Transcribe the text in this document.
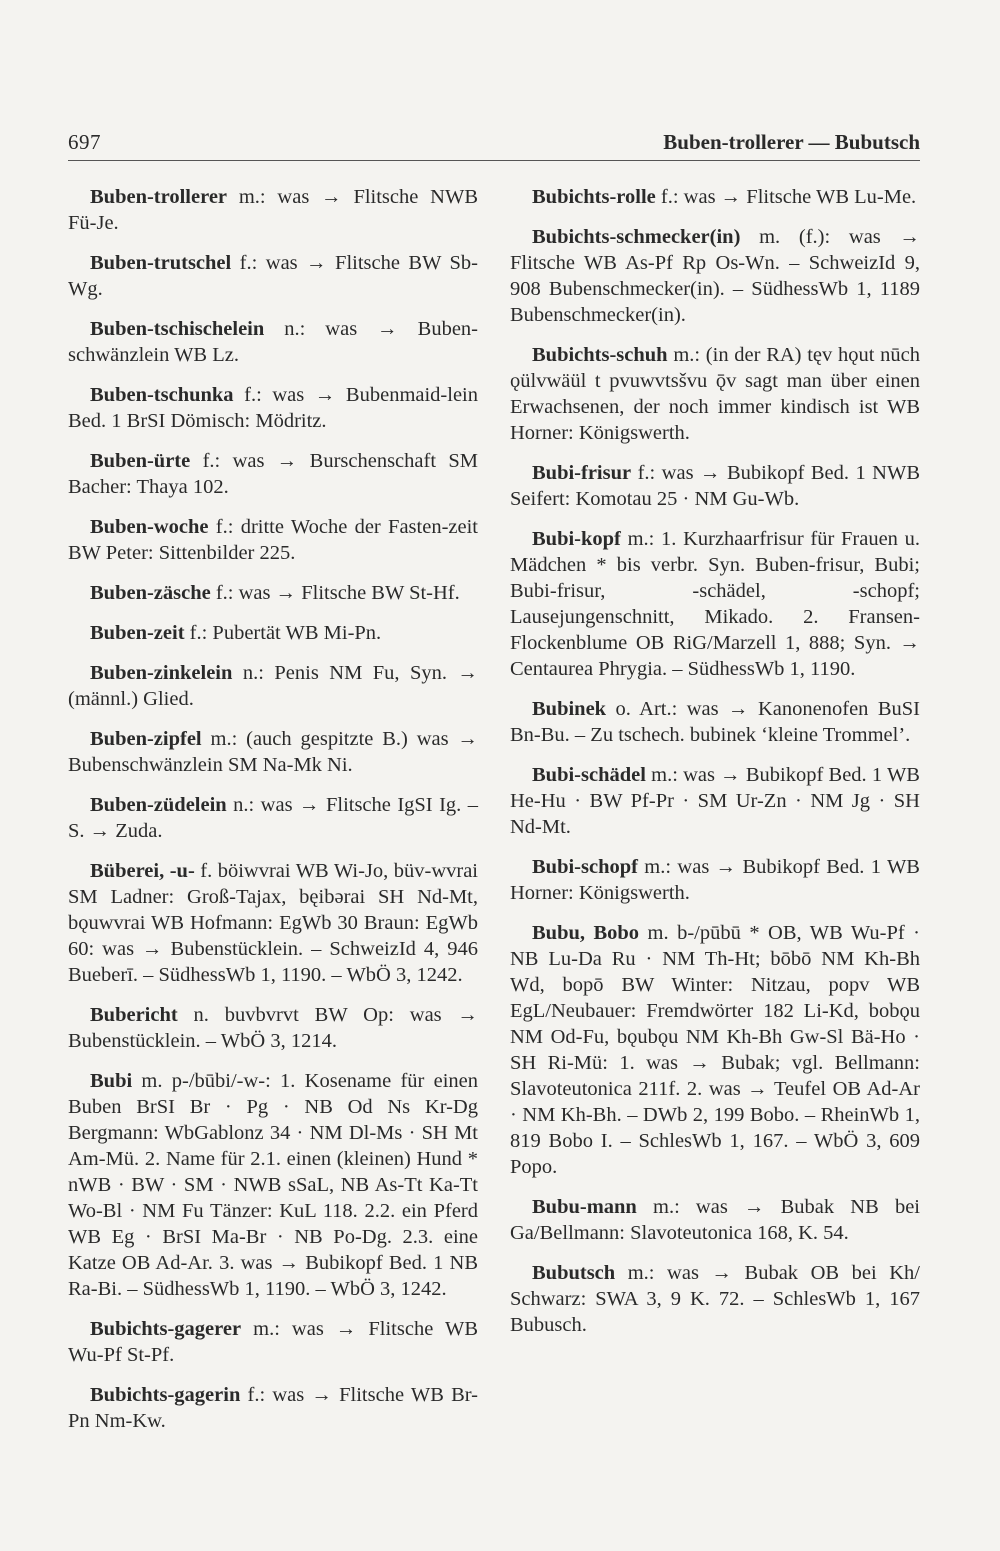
697	Buben-trollerer — Bubutsch

Buben-trollerer m.: was → Flitsche NWB Fü-Je.

Buben-trutschel f.: was → Flitsche BW Sb-Wg.

Buben-tschischelein n.: was → Buben-schwänzlein WB Lz.

Buben-tschunka f.: was → Bubenmaid-lein Bed. 1 BrSI Dömisch: Mödritz.

Buben-ürte f.: was → Burschenschaft SM Bacher: Thaya 102.

Buben-woche f.: dritte Woche der Fasten-zeit BW Peter: Sittenbilder 225.

Buben-zäsche f.: was → Flitsche BW St-Hf.

Buben-zeit f.: Pubertät WB Mi-Pn.

Buben-zinkelein n.: Penis NM Fu, Syn. → (männl.) Glied.

Buben-zipfel m.: (auch gespitzte B.) was → Bubenschwänzlein SM Na-Mk Ni.

Buben-züdelein n.: was → Flitsche IgSI Ig. – S. → Zuda.

Büberei, -u- f. böiwvrai WB Wi-Jo, büv-wvrai SM Ladner: Groß-Tajax, bęibərai SH Nd-Mt, bǫuwvrai WB Hofmann: EgWb 30 Braun: EgWb 60: was → Bubenstücklein. – SchweizId 4, 946 Bueberī. – SüdhessWb 1, 1190. – WbÖ 3, 1242.

Bubericht n. buvbvrvt BW Op: was → Bubenstücklein. – WbÖ 3, 1214.

Bubi m. p-/būbi/-w-: 1. Kosename für einen Buben BrSI Br · Pg · NB Od Ns Kr-Dg Bergmann: WbGablonz 34 · NM Dl-Ms · SH Mt Am-Mü. 2. Name für 2.1. einen (kleinen) Hund * nWB · BW · SM · NWB sSaL, NB As-Tt Ka-Tt Wo-Bl · NM Fu Tänzer: KuL 118. 2.2. ein Pferd WB Eg · BrSI Ma-Br · NB Po-Dg. 2.3. eine Katze OB Ad-Ar. 3. was → Bubikopf Bed. 1 NB Ra-Bi. – SüdhessWb 1, 1190. – WbÖ 3, 1242.

Bubichts-gagerer m.: was → Flitsche WB Wu-Pf St-Pf.

Bubichts-gagerin f.: was → Flitsche WB Br-Pn Nm-Kw.

Bubichts-rolle f.: was → Flitsche WB Lu-Me.

Bubichts-schmecker(in) m. (f.): was → Flitsche WB As-Pf Rp Os-Wn. – SchweizId 9, 908 Bubenschmecker(in). – SüdhessWb 1, 1189 Bubenschmecker(in).

Bubichts-schuh m.: (in der RA) tęv hǫut nūch ǫülvwäül t pvuwvtsšvu ǭv sagt man über einen Erwachsenen, der noch immer kindisch ist WB Horner: Königswerth.

Bubi-frisur f.: was → Bubikopf Bed. 1 NWB Seifert: Komotau 25 · NM Gu-Wb.

Bubi-kopf m.: 1. Kurzhaarfrisur für Frauen u. Mädchen * bis verbr. Syn. Buben-frisur, Bubi; Bubi-frisur, -schädel, -schopf; Lausejungenschnitt, Mikado. 2. Fransen-Flockenblume OB RiG/Marzell 1, 888; Syn. → Centaurea Phrygia. – SüdhessWb 1, 1190.

Bubinek o. Art.: was → Kanonenofen BuSI Bn-Bu. – Zu tschech. bubinek ‘kleine Trommel’.

Bubi-schädel m.: was → Bubikopf Bed. 1 WB He-Hu · BW Pf-Pr · SM Ur-Zn · NM Jg · SH Nd-Mt.

Bubi-schopf m.: was → Bubikopf Bed. 1 WB Horner: Königswerth.

Bubu, Bobo m. b-/pūbū * OB, WB Wu-Pf · NB Lu-Da Ru · NM Th-Ht; bōbō NM Kh-Bh Wd, bopō BW Winter: Nitzau, popv WB EgL/Neubauer: Fremdwörter 182 Li-Kd, bobǫu NM Od-Fu, bǫubǫu NM Kh-Bh Gw-Sl Bä-Ho · SH Ri-Mü: 1. was → Bubak; vgl. Bellmann: Slavoteutonica 211f. 2. was → Teufel OB Ad-Ar · NM Kh-Bh. – DWb 2, 199 Bobo. – RheinWb 1, 819 Bobo I. – SchlesWb 1, 167. – WbÖ 3, 609 Popo.

Bubu-mann m.: was → Bubak NB bei Ga/Bellmann: Slavoteutonica 168, K. 54.

Bubutsch m.: was → Bubak OB bei Kh/ Schwarz: SWA 3, 9 K. 72. – SchlesWb 1, 167 Bubusch.
